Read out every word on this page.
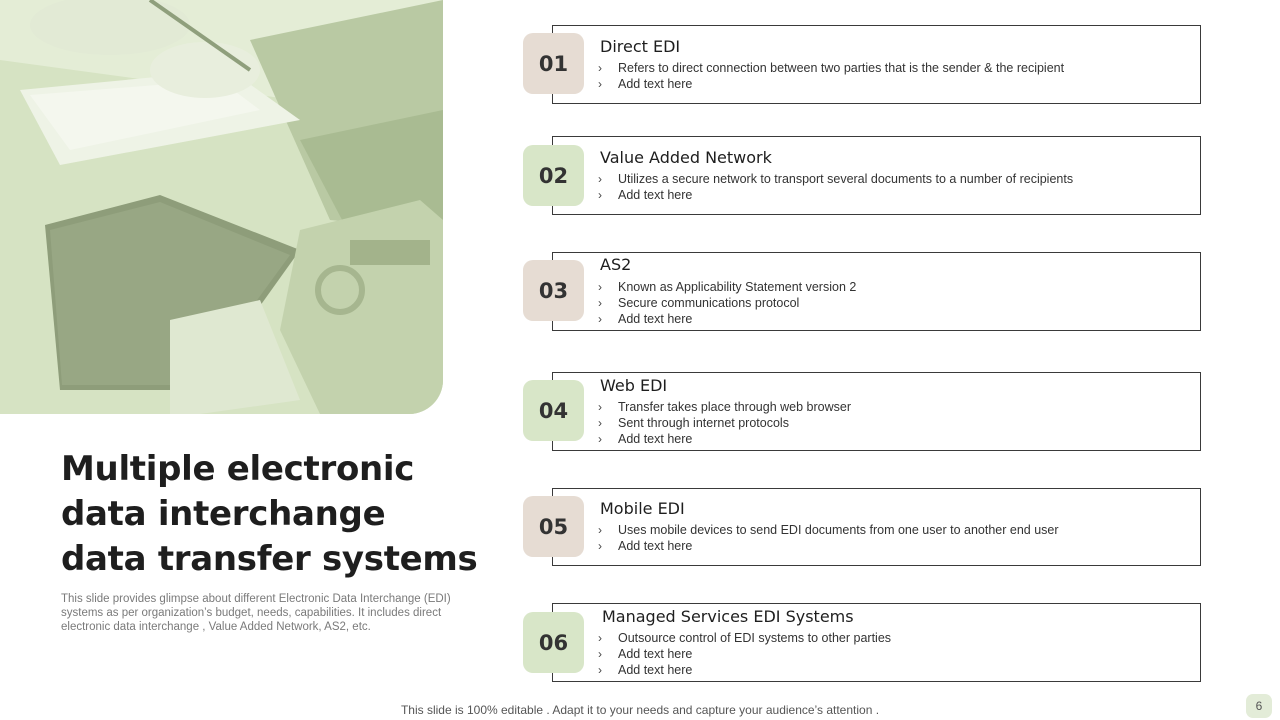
Multiple electronic data interchange data transfer systems

This slide provides glimpse about different Electronic Data Interchange (EDI) systems as per organization’s budget, needs, capabilities. It includes direct electronic data interchange , Value Added Network, AS2, etc.

01
Direct EDI
› Refers to direct connection between two parties that is the sender & the recipient
› Add text here
02
Value Added Network
› Utilizes a secure network to transport several documents to a number of recipients
› Add text here
03
AS2
› Known as Applicability Statement version 2
› Secure communications protocol
› Add text here
04
Web EDI
› Transfer takes place through web browser
› Sent through internet protocols
› Add text here
05
Mobile EDI
› Uses mobile devices to send EDI documents from one user to another end user
› Add text here
06
Managed Services EDI Systems
› Outsource control of EDI systems to other parties
› Add text here
› Add text here
This slide is 100% editable . Adapt it to your needs and capture your audience’s attention .	6
